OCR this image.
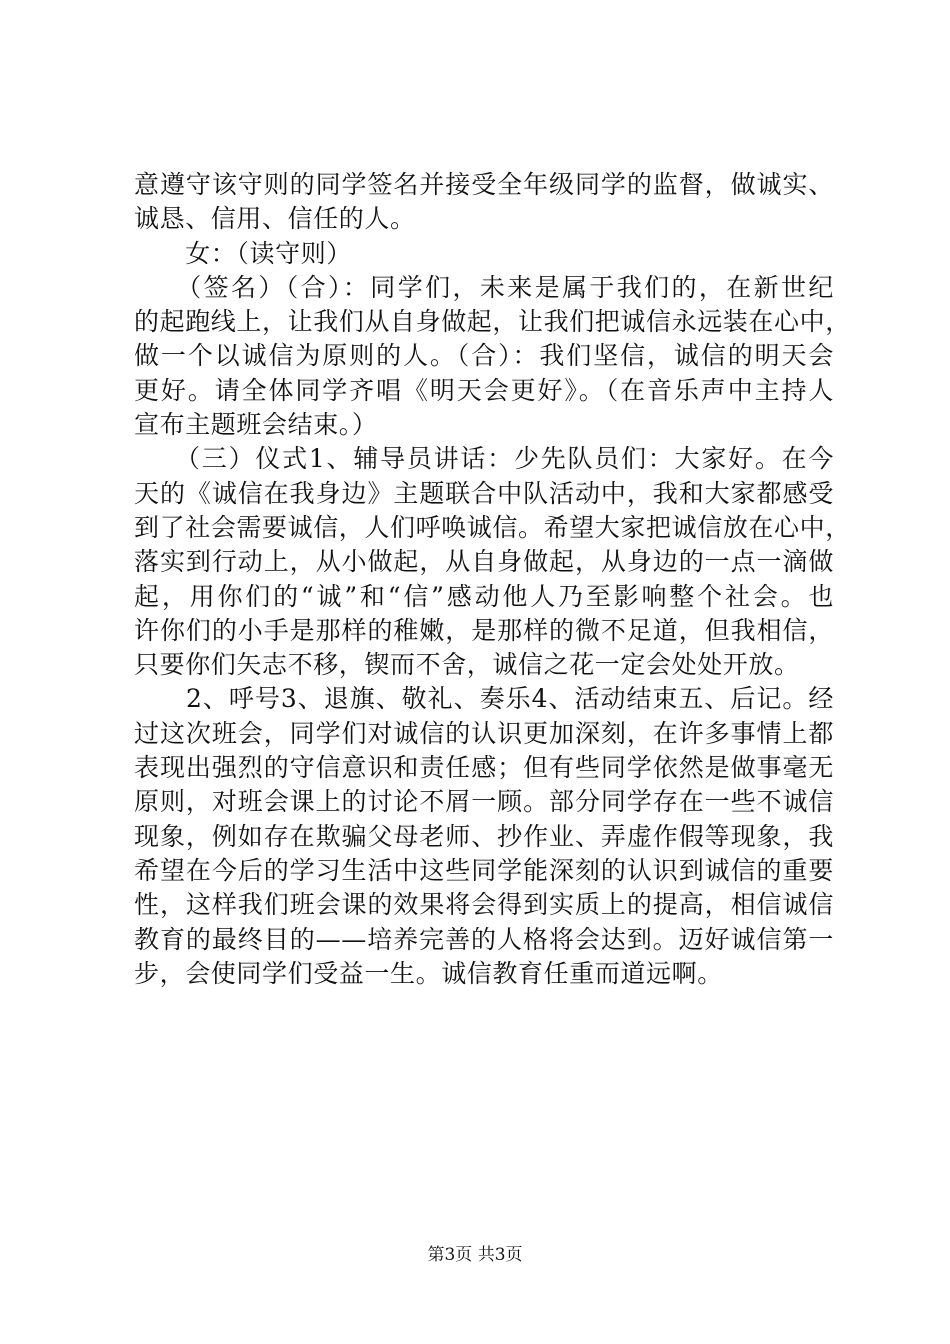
意遵守该守则的同学签名并接受全年级同学的监督，做诚实、
诚恳、信用、信任的人。
　　女：（读守则）
　　（签名）（合）：同学们，未来是属于我们的，在新世纪
的起跑线上，让我们从自身做起，让我们把诚信永远装在心中，
做一个以诚信为原则的人。（合）：我们坚信，诚信的明天会
更好。请全体同学齐唱《明天会更好》。（在音乐声中主持人
宣布主题班会结束。）
　　（三）仪式1、辅导员讲话：少先队员们：大家好。在今
天的《诚信在我身边》主题联合中队活动中，我和大家都感受
到了社会需要诚信，人们呼唤诚信。希望大家把诚信放在心中，
落实到行动上，从小做起，从自身做起，从身边的一点一滴做
起，用你们的“诚”和“信”感动他人乃至影响整个社会。也
许你们的小手是那样的稚嫩，是那样的微不足道，但我相信，
只要你们矢志不移，锲而不舍，诚信之花一定会处处开放。
　　2、呼号3、退旗、敬礼、奏乐4、活动结束五、后记。经
过这次班会，同学们对诚信的认识更加深刻，在许多事情上都
表现出强烈的守信意识和责任感；但有些同学依然是做事毫无
原则，对班会课上的讨论不屑一顾。部分同学存在一些不诚信
现象，例如存在欺骗父母老师、抄作业、弄虚作假等现象，我
希望在今后的学习生活中这些同学能深刻的认识到诚信的重要
性，这样我们班会课的效果将会得到实质上的提高，相信诚信
教育的最终目的——培养完善的人格将会达到。迈好诚信第一
步，会使同学们受益一生。诚信教育任重而道远啊。
第3页 共3页
